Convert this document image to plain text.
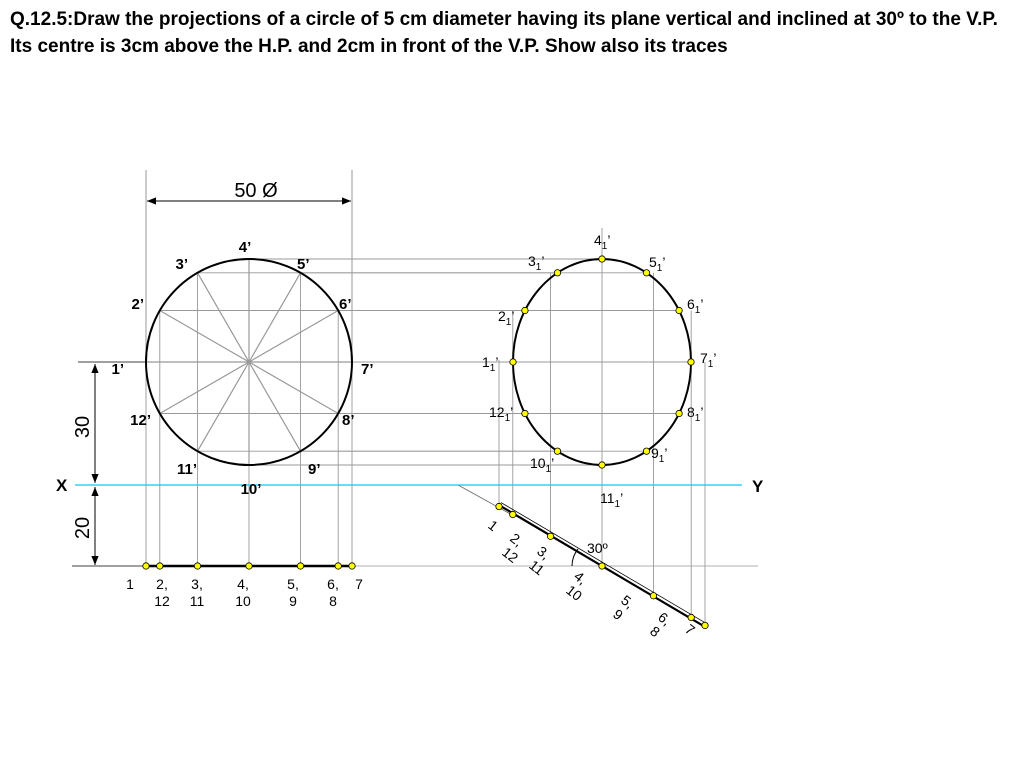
Q.12.5:Draw the projections of a circle of 5 cm diameter having its plane vertical and inclined at 30º to the V.P. Its centre is 3cm above the H.P. and 2cm in front of the V.P. Show also its traces

50 Ø
30
20
30º
X	Y
1’
2’
3’
4’
5’
6’
7’
8’
9’
10’
11’
12’
1 2,
12
3,
11
4,
10
5,
9
6,
8
7
$1_1$’
$2_1$’
$3_1$’
$4_1$’
$5_1$’
$6_1$’
$7_1$’
$8_1$’
$9_1$’
$10_1$’
$11_1$’
$12_1$’
1
2,
12 3,
11 4,
10 5,
9 6,
8 7
